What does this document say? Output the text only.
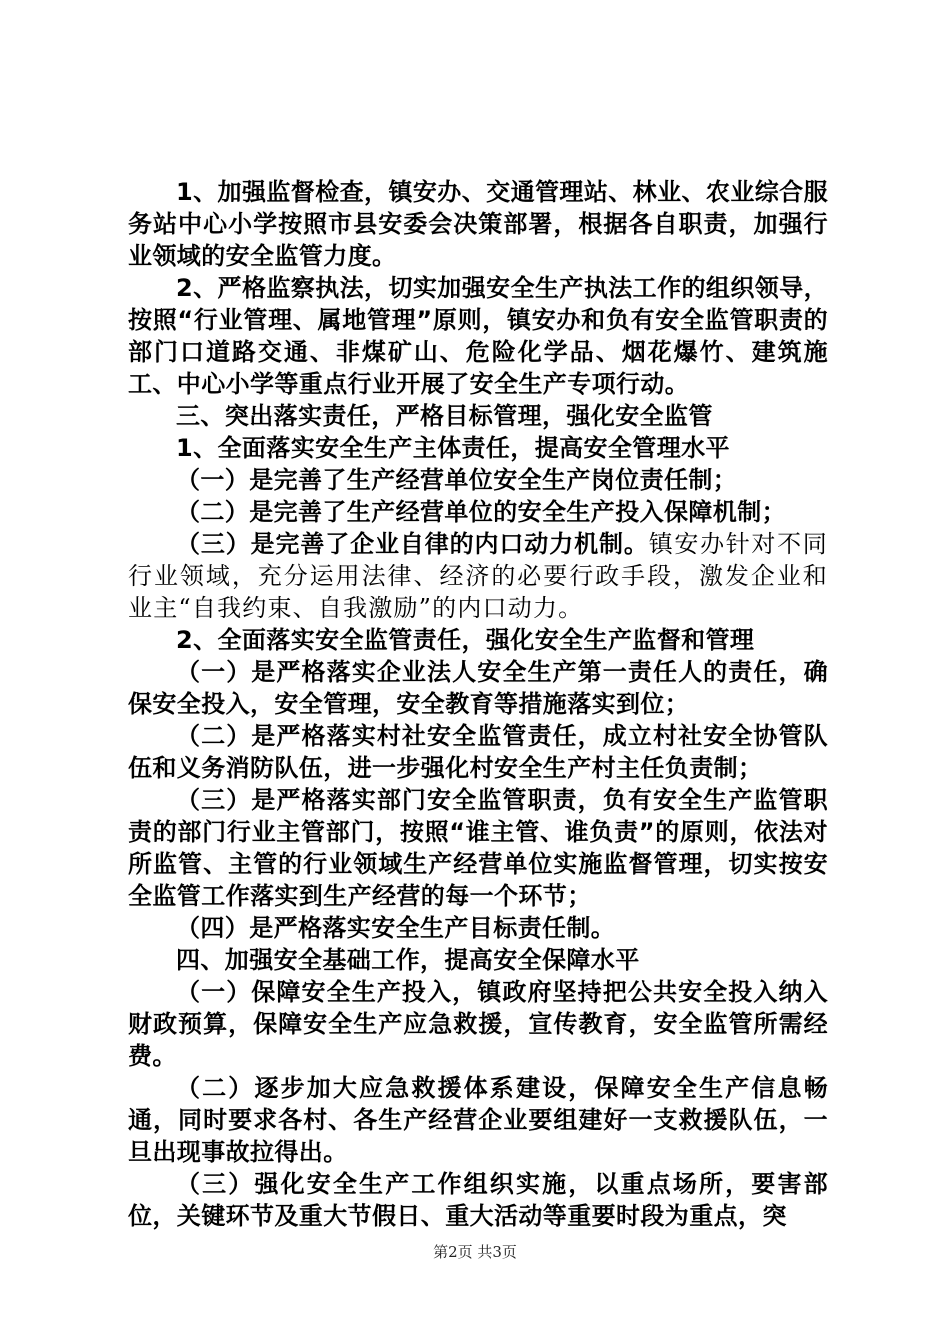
1、加强监督检查，镇安办、交通管理站、林业、农业综合服务站中心小学按照市县安委会决策部署，根据各自职责，加强行业领域的安全监管力度。

2、严格监察执法，切实加强安全生产执法工作的组织领导，按照“行业管理、属地管理”原则，镇安办和负有安全监管职责的部门口道路交通、非煤矿山、危险化学品、烟花爆竹、建筑施工、中心小学等重点行业开展了安全生产专项行动。

三、突出落实责任，严格目标管理，强化安全监管

1、全面落实安全生产主体责任，提高安全管理水平

（一）是完善了生产经营单位安全生产岗位责任制；

（二）是完善了生产经营单位的安全生产投入保障机制；

（三）是完善了企业自律的内口动力机制。镇安办针对不同行业领域，充分运用法律、经济的必要行政手段，激发企业和业主“自我约束、自我激励”的内口动力。

2、全面落实安全监管责任，强化安全生产监督和管理

（一）是严格落实企业法人安全生产第一责任人的责任，确保安全投入，安全管理，安全教育等措施落实到位；

（二）是严格落实村社安全监管责任，成立村社安全协管队伍和义务消防队伍，进一步强化村安全生产村主任负责制；

（三）是严格落实部门安全监管职责，负有安全生产监管职责的部门行业主管部门，按照“谁主管、谁负责”的原则，依法对所监管、主管的行业领域生产经营单位实施监督管理，切实按安全监管工作落实到生产经营的每一个环节；

（四）是严格落实安全生产目标责任制。

四、加强安全基础工作，提高安全保障水平

（一）保障安全生产投入，镇政府坚持把公共安全投入纳入财政预算，保障安全生产应急救援，宣传教育，安全监管所需经费。

（二）逐步加大应急救援体系建设，保障安全生产信息畅通，同时要求各村、各生产经营企业要组建好一支救援队伍，一旦出现事故拉得出。

（三）强化安全生产工作组织实施，以重点场所，要害部位，关键环节及重大节假日、重大活动等重要时段为重点，突

第2页 共3页
